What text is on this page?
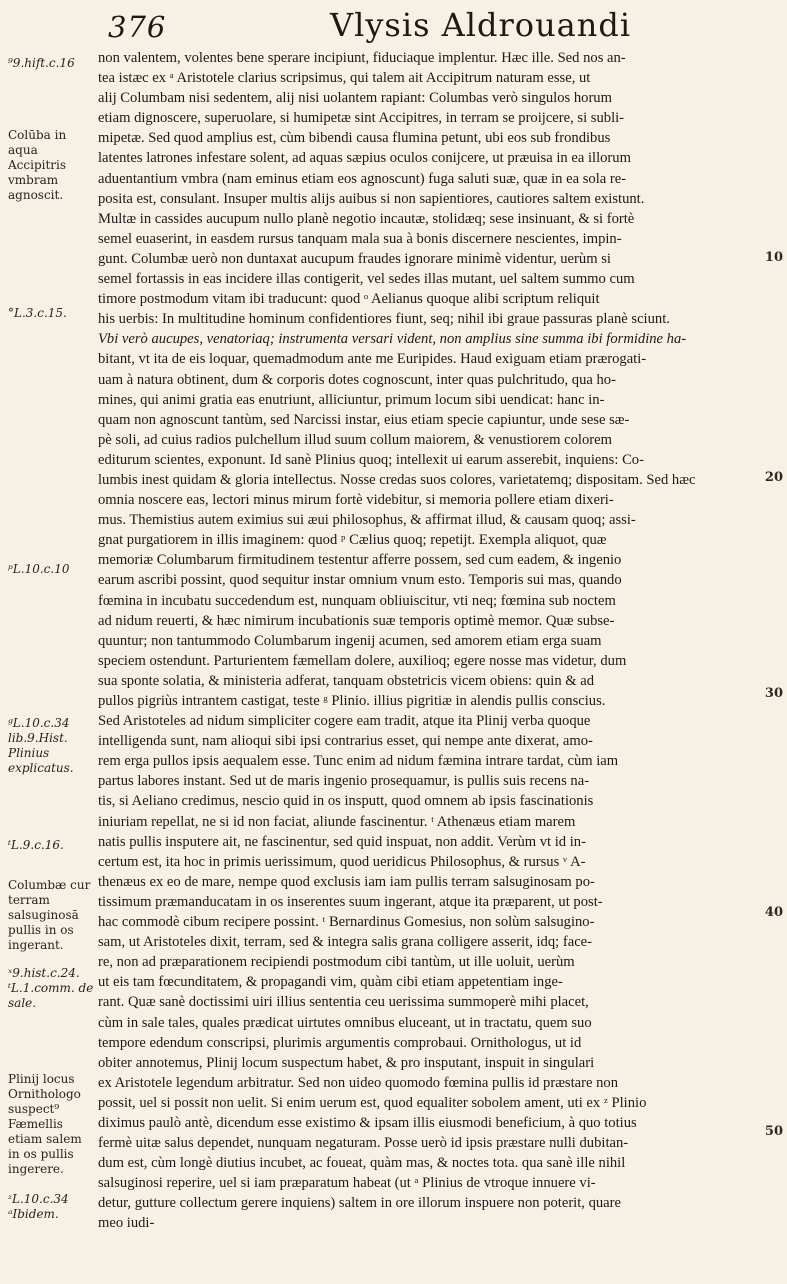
376	Vlysis Aldrouandi
⁹9.hift.c.16
Colūba in aqua Accipitris vmbram agnoscit.
°L.3.c.15.
ᵖL.10.c.10
ᵍL.10.c.34 lib.9.Hist. Plinius explicatus.
ᵗL.9.c.16.
Columbæ cur terram salsuginosā pullis in os ingerant.
ˣ9.hist.c.24. ᵗL.1.comm. de sale.
Plinij locus Ornithologo suspect⁹ Fæmellis etiam salem in os pullis ingerere.
ᶻL.10.c.34 ᵃIbidem.
10
20
30
40
50
non valentem, volentes bene sperare incipiunt, fiduciaque implentur. Hæc ille. Sed nos an-
tea istæc ex ᵃ Aristotele clarius scripsimus, qui talem ait Accipitrum naturam esse, ut
alij Columbam nisi sedentem, alij nisi uolantem rapiant: Columbas verò singulos horum
etiam dignoscere, superuolare, si humipetæ sint Accipitres, in terram se proijcere, si subli-
mipetæ. Sed quod amplius est, cùm bibendi causa flumina petunt, ubi eos sub frondibus
latentes latrones infestare solent, ad aquas sæpius oculos conijcere, ut præuisa in ea illorum
aduentantium vmbra (nam eminus etiam eos agnoscunt) fuga saluti suæ, quæ in ea sola re-
posita est, consulant. Insuper multis alijs auibus si non sapientiores, cautiores saltem existunt.
Multæ in cassides aucupum nullo planè negotio incautæ, stolidæq; sese insinuant, & si fortè
semel euaserint, in easdem rursus tanquam mala sua à bonis discernere nescientes, impin-
gunt. Columbæ uerò non duntaxat aucupum fraudes ignorare minimè videntur, uerùm si
semel fortassis in eas incidere illas contigerit, vel sedes illas mutant, uel saltem summo cum
timore postmodum vitam ibi traducunt: quod ᵒ Aelianus quoque alibi scriptum reliquit
his uerbis: In multitudine hominum confidentiores fiunt, seq; nihil ibi graue passuras planè sciunt.
Vbi verò aucupes, venatoriaq; instrumenta versari vident, non amplius sine summa ibi formidine ha-
bitant, vt ita de eis loquar, quemadmodum ante me Euripides. Haud exiguam etiam prærogati-
uam à natura obtinent, dum & corporis dotes cognoscunt, inter quas pulchritudo, qua ho-
mines, qui animi gratia eas enutriunt, alliciuntur, primum locum sibi uendicat: hanc in-
quam non agnoscunt tantùm, sed Narcissi instar, eius etiam specie capiuntur, unde sese sæ-
pè soli, ad cuius radios pulchellum illud suum collum maiorem, & venustiorem colorem
editurum scientes, exponunt. Id sanè Plinius quoq; intellexit ui earum asserebit, inquiens: Co-
lumbis inest quidam & gloria intellectus. Nosse credas suos colores, varietatemq; dispositam. Sed hæc
omnia noscere eas, lectori minus mirum fortè videbitur, si memoria pollere etiam dixeri-
mus. Themistius autem eximius sui æui philosophus, & affirmat illud, & causam quoq; assi-
gnat purgatiorem in illis imaginem: quod ᵖ Cælius quoq; repetijt. Exempla aliquot, quæ
memoriæ Columbarum firmitudinem testentur afferre possem, sed cum eadem, & ingenio
earum ascribi possint, quod sequitur instar omnium vnum esto. Temporis sui mas, quando
fœmina in incubatu succedendum est, nunquam obliuiscitur, vti neq; fœmina sub noctem
ad nidum reuerti, & hæc nimirum incubationis suæ temporis optimè memor. Quæ subse-
quuntur; non tantummodo Columbarum ingenij acumen, sed amorem etiam erga suam
speciem ostendunt. Parturientem fæmellam dolere, auxilioq; egere nosse mas videtur, dum
sua sponte solatia, & ministeria adferat, tanquam obstetricis vicem obiens: quin & ad
pullos pigriùs intrantem castigat, teste ᵍ Plinio. illius pigritiæ in alendis pullis conscius.
Sed Aristoteles ad nidum simpliciter cogere eam tradit, atque ita Plinij verba quoque
intelligenda sunt, nam alioqui sibi ipsi contrarius esset, qui nempe ante dixerat, amo-
rem erga pullos ipsis aequalem esse. Tunc enim ad nidum fæmina intrare tardat, cùm iam
partus labores instant. Sed ut de maris ingenio prosequamur, is pullis suis recens na-
tis, si Aeliano credimus, nescio quid in os insputt, quod omnem ab ipsis fascinationis
iniuriam repellat, ne si id non faciat, aliunde fascinentur. ᵗ Athenæus etiam marem
natis pullis insputere ait, ne fascinentur, sed quid inspuat, non addit. Verùm vt id in-
certum est, ita hoc in primis uerissimum, quod ueridicus Philosophus, & rursus ᵛ A-
thenæus ex eo de mare, nempe quod exclusis iam iam pullis terram salsuginosam po-
tissimum præmanducatam in os inserentes suum ingerant, atque ita præparent, ut post-
hac commodè cibum recipere possint. ᵗ Bernardinus Gomesius, non solùm salsugino-
sam, ut Aristoteles dixit, terram, sed & integra salis grana colligere asserit, idq; face-
re, non ad præparationem recipiendi postmodum cibi tantùm, ut ille uoluit, uerùm
ut eis tam fœcunditatem, & propagandi vim, quàm cibi etiam appetentiam inge-
rant. Quæ sanè doctissimi uiri illius sententia ceu uerissima summoperè mihi placet,
cùm in sale tales, quales prædicat uirtutes omnibus eluceant, ut in tractatu, quem suo
tempore edendum conscripsi, plurimis argumentis comprobaui. Ornithologus, ut id
obiter annotemus, Plinij locum suspectum habet, & pro insputant, inspuit in singulari
ex Aristotele legendum arbitratur. Sed non uideo quomodo fœmina pullis id præstare non
possit, uel si possit non uelit. Si enim uerum est, quod equaliter sobolem ament, uti ex ᶻ Plinio
diximus paulò antè, dicendum esse existimo & ipsam illis eiusmodi beneficium, à quo totius
fermè uitæ salus dependet, nunquam negaturam. Posse uerò id ipsis præstare nulli dubitan-
dum est, cùm longè diutius incubet, ac foueat, quàm mas, & noctes tota. qua sanè ille nihil
salsuginosi reperire, uel si iam præparatum habeat (ut ᵃ Plinius de vtroque innuere vi-
detur, gutture collectum gerere inquiens) saltem in ore illorum inspuere non poterit, quare
meo iudi-
